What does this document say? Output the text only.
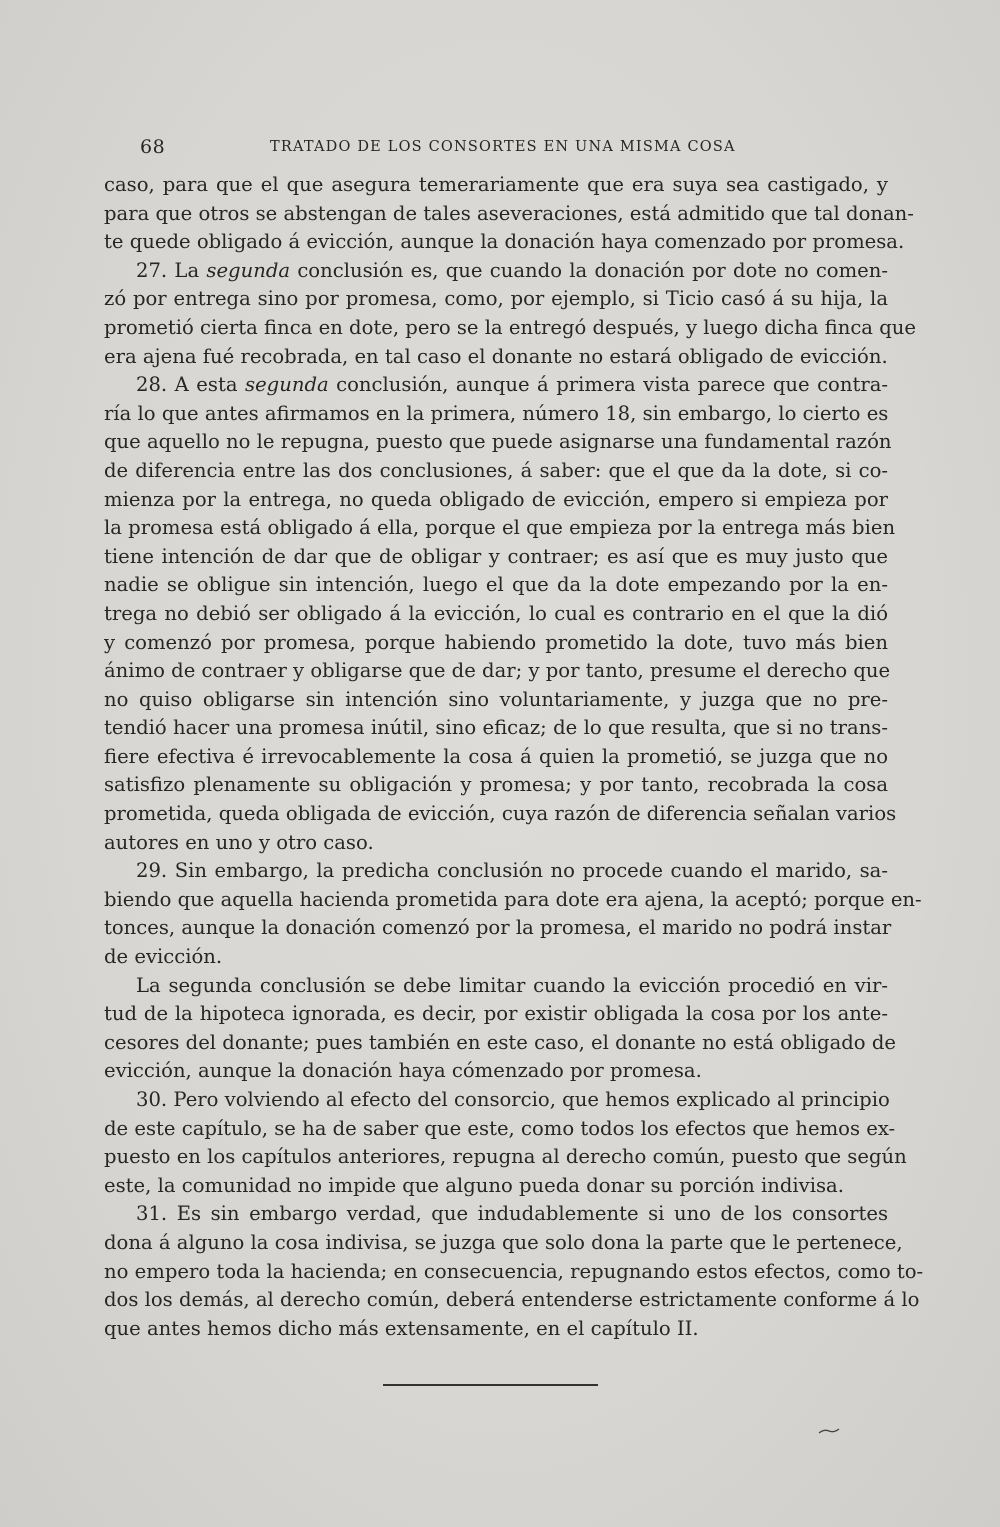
68	TRATADO DE LOS CONSORTES EN UNA MISMA COSA
caso, para que el que asegura temerariamente que era suya sea castigado, y
para que otros se abstengan de tales aseveraciones, está admitido que tal donan-
te quede obligado á evicción, aunque la donación haya comenzado por promesa.
27. La segunda conclusión es, que cuando la donación por dote no comen-
zó por entrega sino por promesa, como, por ejemplo, si Ticio casó á su hija, la
prometió cierta finca en dote, pero se la entregó después, y luego dicha finca que
era ajena fué recobrada, en tal caso el donante no estará obligado de evicción.
28. A esta segunda conclusión, aunque á primera vista parece que contra-
ría lo que antes afirmamos en la primera, número 18, sin embargo, lo cierto es
que aquello no le repugna, puesto que puede asignarse una fundamental razón
de diferencia entre las dos conclusiones, á saber: que el que da la dote, si co-
mienza por la entrega, no queda obligado de evicción, empero si empieza por
la promesa está obligado á ella, porque el que empieza por la entrega más bien
tiene intención de dar que de obligar y contraer; es así que es muy justo que
nadie se obligue sin intención, luego el que da la dote empezando por la en-
trega no debió ser obligado á la evicción, lo cual es contrario en el que la dió
y comenzó por promesa, porque habiendo prometido la dote, tuvo más bien
ánimo de contraer y obligarse que de dar; y por tanto, presume el derecho que
no quiso obligarse sin intención sino voluntariamente, y juzga que no pre-
tendió hacer una promesa inútil, sino eficaz; de lo que resulta, que si no trans-
fiere efectiva é irrevocablemente la cosa á quien la prometió, se juzga que no
satisfizo plenamente su obligación y promesa; y por tanto, recobrada la cosa
prometida, queda obligada de evicción, cuya razón de diferencia señalan varios
autores en uno y otro caso.
29. Sin embargo, la predicha conclusión no procede cuando el marido, sa-
biendo que aquella hacienda prometida para dote era ajena, la aceptó; porque en-
tonces, aunque la donación comenzó por la promesa, el marido no podrá instar
de evicción.
La segunda conclusión se debe limitar cuando la evicción procedió en vir-
tud de la hipoteca ignorada, es decir, por existir obligada la cosa por los ante-
cesores del donante; pues también en este caso, el donante no está obligado de
evicción, aunque la donación haya cómenzado por promesa.
30. Pero volviendo al efecto del consorcio, que hemos explicado al principio
de este capítulo, se ha de saber que este, como todos los efectos que hemos ex-
puesto en los capítulos anteriores, repugna al derecho común, puesto que según
este, la comunidad no impide que alguno pueda donar su porción indivisa.
31. Es sin embargo verdad, que indudablemente si uno de los consortes
dona á alguno la cosa indivisa, se juzga que solo dona la parte que le pertenece,
no empero toda la hacienda; en consecuencia, repugnando estos efectos, como to-
dos los demás, al derecho común, deberá entenderse estrictamente conforme á lo
que antes hemos dicho más extensamente, en el capítulo II.
